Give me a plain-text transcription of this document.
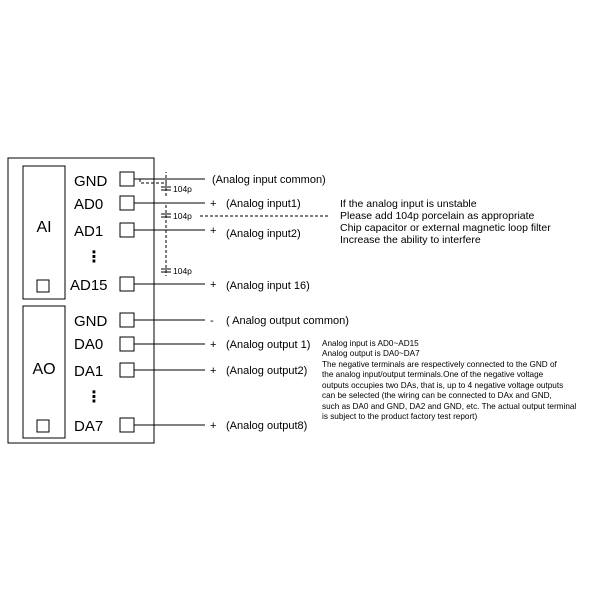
AI
AO
GND
AD0
AD1
⋮
AD15
GND
DA0
DA1
⋮
DA7
104p
104p
104p
+
+
+
-
+
+
+
(Analog input common)
(Analog input1)
(Analog input2)
(Analog input 16)
( Analog output common)
(Analog output 1)
(Analog output2)
(Analog output8)
If the analog input is unstable
Please add 104p porcelain as appropriate
Chip capacitor or external magnetic loop filter
Increase the ability to interfere
Analog input is AD0~AD15
Analog output is DA0~DA7
The negative terminals are respectively connected to the GND of
the analog input/output terminals.One of the negative voltage
outputs occupies two DAs, that is, up to 4 negative voltage outputs
can be selected (the wiring can be connected to DAx and GND,
such as DA0 and GND, DA2 and GND, etc. The actual output terminal
is subject to the product factory test report)
